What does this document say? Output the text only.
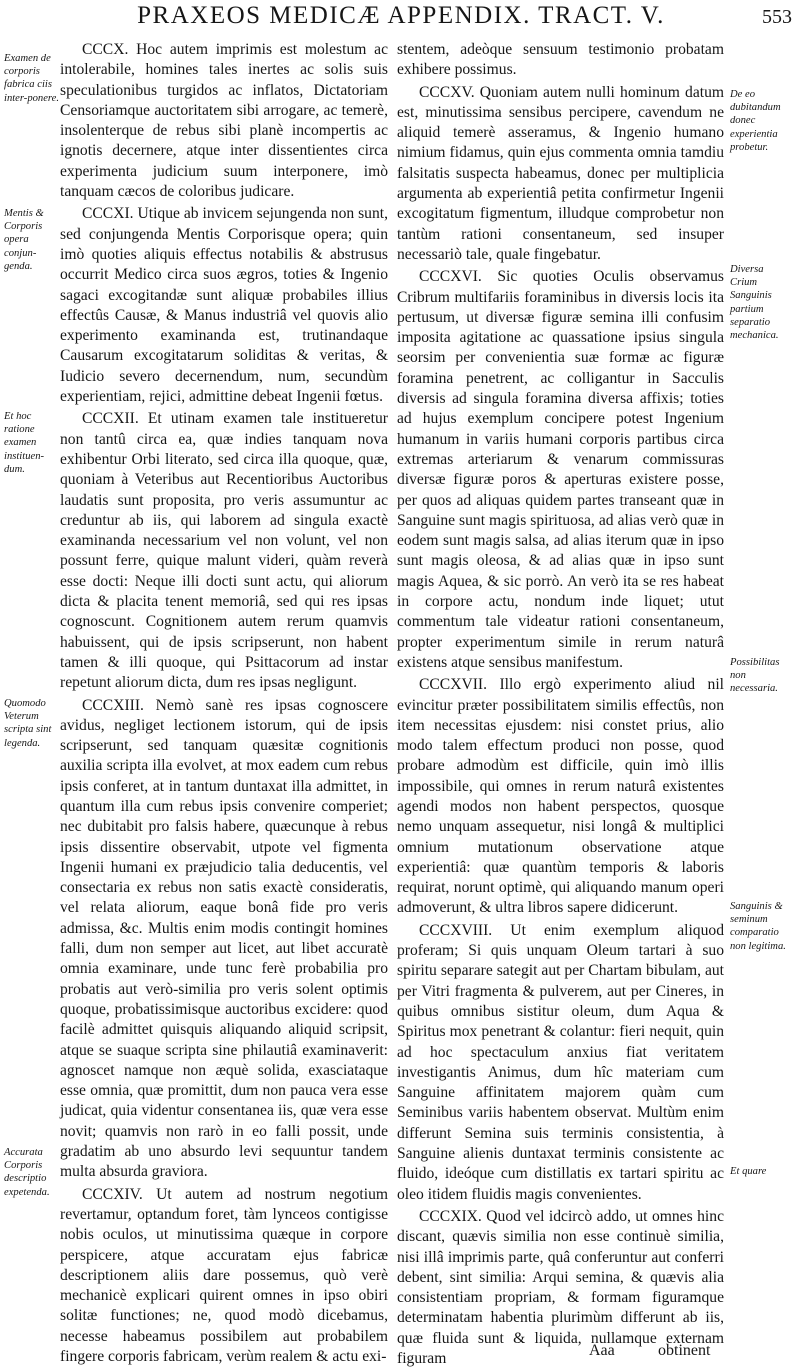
PRAXEOS MEDICÆ APPENDIX. TRACT. V.	553
Examen de corporis fabrica ciis inter-ponere.
Mentis & Corporis opera conjun-genda.
Et hoc ratione examen instituen-dum.
Quomodo Veterum scripta sint legenda.
Accurata Corporis descriptio expetenda.
De eo dubitandum donec experientia probetur.
Diversa Crium Sanguinis partium separatio mechanica.
Possibilitas non necessaria.
Sanguinis & seminum comparatio non legitima.
Et quare

CCCX. Hoc autem imprimis est molestum ac intolerabile, homines tales inertes ac solis suis speculationibus turgidos ac inflatos, Dictatoriam Censoriamque auctoritatem sibi arrogare, ac temerè, insolenterque de rebus sibi planè incompertis ac ignotis decernere, atque inter dissentientes circa experimenta judicium suum interponere, imò tanquam cæcos de coloribus judicare.

CCCXI. Utique ab invicem sejungenda non sunt, sed conjungenda Mentis Corporisque opera; quin imò quoties aliquis effectus notabilis & abstrusus occurrit Medico circa suos ægros, toties & Ingenio sagaci excogitandæ sunt aliquæ probabiles illius effectûs Causæ, & Manus industriâ vel quovis alio experimento examinanda est, trutinandaque Causarum excogitatarum soliditas & veritas, & Iudicio severo decernendum, num, secundùm experientiam, rejici, admittine debeat Ingenii fœtus.

CCCXII. Et utinam examen tale institueretur non tantû circa ea, quæ indies tanquam nova exhibentur Orbi literato, sed circa illa quoque, quæ, quoniam à Veteribus aut Recentioribus Auctoribus laudatis sunt proposita, pro veris assumuntur ac creduntur ab iis, qui laborem ad singula exactè examinanda necessarium vel non volunt, vel non possunt ferre, quique malunt videri, quàm reverà esse docti: Neque illi docti sunt actu, qui aliorum dicta & placita tenent memoriâ, sed qui res ipsas cognoscunt. Cognitionem autem rerum quamvis habuissent, qui de ipsis scripserunt, non habent tamen & illi quoque, qui Psittacorum ad instar repetunt aliorum dicta, dum res ipsas negligunt.

CCCXIII. Nemò sanè res ipsas cognoscere avidus, negliget lectionem istorum, qui de ipsis scripserunt, sed tanquam quæsitæ cognitionis auxilia scripta illa evolvet, at mox eadem cum rebus ipsis conferet, at in tantum duntaxat illa admittet, in quantum illa cum rebus ipsis convenire comperiet; nec dubitabit pro falsis habere, quæcunque à rebus ipsis dissentire observabit, utpote vel figmenta Ingenii humani ex præjudicio talia deducentis, vel consectaria ex rebus non satis exactè consideratis, vel relata aliorum, eaque bonâ fide pro veris admissa, &c. Multis enim modis contingit homines falli, dum non semper aut licet, aut libet accuratè omnia examinare, unde tunc ferè probabilia pro probatis aut verò-similia pro veris solent optimis quoque, probatissimisque auctoribus excidere: quod facilè admittet quisquis aliquando aliquid scripsit, atque se suaque scripta sine philautiâ examinaverit: agnoscet namque non æquè solida, exasciataque esse omnia, quæ promittit, dum non pauca vera esse judicat, quia videntur consentanea iis, quæ vera esse novit; quamvis non rarò in eo falli possit, unde gradatim ab uno absurdo levi sequuntur tandem multa absurda graviora.

CCCXIV. Ut autem ad nostrum negotium revertamur, optandum foret, tàm lynceos contigisse nobis oculos, ut minutissima quæque in corpore perspicere, atque accuratam ejus fabricæ descriptionem aliis dare possemus, quò verè mechanicè explicari quirent omnes in ipso obiri solitæ functiones; ne, quod modò dicebamus, necesse habeamus possibilem aut probabilem fingere corporis fabricam, verùm realem & actu exi-

stentem, adeòque sensuum testimonio probatam exhibere possimus.

CCCXV. Quoniam autem nulli hominum datum est, minutissima sensibus percipere, cavendum ne aliquid temerè asseramus, & Ingenio humano nimium fidamus, quin ejus commenta omnia tamdiu falsitatis suspecta habeamus, donec per multiplicia argumenta ab experientiâ petita confirmetur Ingenii excogitatum figmentum, illudque comprobetur non tantùm rationi consentaneum, sed insuper necessariò tale, quale fingebatur.

CCCXVI. Sic quoties Oculis observamus Cribrum multifariis foraminibus in diversis locis ita pertusum, ut diversæ figuræ semina illi confusim imposita agitatione ac quassatione ipsius singula seorsim per convenientia suæ formæ ac figuræ foramina penetrent, ac colligantur in Sacculis diversis ad singula foramina diversa affixis; toties ad hujus exemplum concipere potest Ingenium humanum in variis humani corporis partibus circa extremas arteriarum & venarum commissuras diversæ figuræ poros & aperturas existere posse, per quos ad aliquas quidem partes transeant quæ in Sanguine sunt magis spirituosa, ad alias verò quæ in eodem sunt magis salsa, ad alias iterum quæ in ipso sunt magis oleosa, & ad alias quæ in ipso sunt magis Aquea, & sic porrò. An verò ita se res habeat in corpore actu, nondum inde liquet; utut commentum tale videatur rationi consentaneum, propter experimentum simile in rerum naturâ existens atque sensibus manifestum.

CCCXVII. Illo ergò experimento aliud nil evincitur præter possibilitatem similis effectûs, non item necessitas ejusdem: nisi constet prius, alio modo talem effectum produci non posse, quod probare admodùm est difficile, quin imò illis impossibile, qui omnes in rerum naturâ existentes agendi modos non habent perspectos, quosque nemo unquam assequetur, nisi longâ & multiplici omnium mutationum observatione atque experientiâ: quæ quantùm temporis & laboris requirat, norunt optimè, qui aliquando manum operi admoverunt, & ultra libros sapere didicerunt.

CCCXVIII. Ut enim exemplum aliquod proferam; Si quis unquam Oleum tartari à suo spiritu separare sategit aut per Chartam bibulam, aut per Vitri fragmenta & pulverem, aut per Cineres, in quibus omnibus sistitur oleum, dum Aqua & Spiritus mox penetrant & colantur: fieri nequit, quin ad hoc spectaculum anxius fiat veritatem investigantis Animus, dum hîc materiam cum Sanguine affinitatem majorem quàm cum Seminibus variis habentem observat. Multùm enim differunt Semina suis terminis consistentia, à Sanguine alienis duntaxat terminis consistente ac fluido, ideóque cum distillatis ex tartari spiritu ac oleo itidem fluidis magis convenientes.

CCCXIX. Quod vel idcircò addo, ut omnes hinc discant, quævis similia non esse continuè similia, nisi illâ imprimis parte, quâ conferuntur aut conferri debent, sint similia: Arqui semina, & quævis alia consistentiam propriam, & formam figuramque determinatam habentia plurimùm differunt ab iis, quæ fluida sunt & liquida, nullamque externam figuram	Aaa	obtinent
